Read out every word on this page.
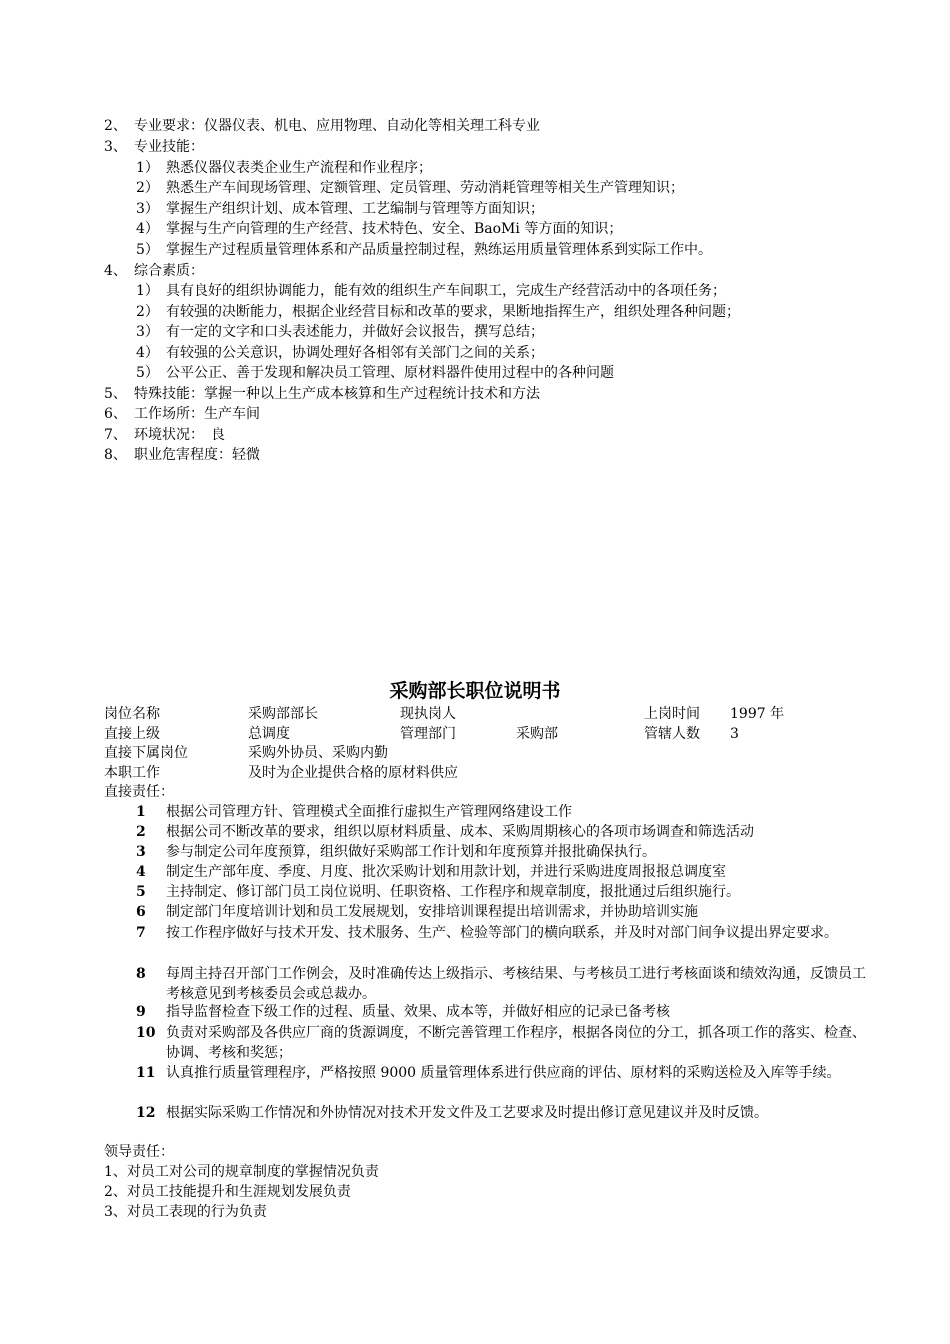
2、 专业要求：仪器仪表、机电、应用物理、自动化等相关理工科专业
3、 专业技能：
1） 熟悉仪器仪表类企业生产流程和作业程序；
2） 熟悉生产车间现场管理、定额管理、定员管理、劳动消耗管理等相关生产管理知识；
3） 掌握生产组织计划、成本管理、工艺编制与管理等方面知识；
4） 掌握与生产向管理的生产经营、技术特色、安全、BaoMi 等方面的知识；
5） 掌握生产过程质量管理体系和产品质量控制过程，熟练运用质量管理体系到实际工作中。
4、 综合素质：
1） 具有良好的组织协调能力，能有效的组织生产车间职工，完成生产经营活动中的各项任务；
2） 有较强的决断能力，根据企业经营目标和改革的要求，果断地指挥生产，组织处理各种问题；
3） 有一定的文字和口头表述能力，并做好会议报告，撰写总结；
4） 有较强的公关意识，协调处理好各相邻有关部门之间的关系；
5） 公平公正、善于发现和解决员工管理、原材料器件使用过程中的各种问题
5、 特殊技能：掌握一种以上生产成本核算和生产过程统计技术和方法
6、 工作场所：生产车间
7、 环境状况：　良
8、 职业危害程度：轻微
采购部长职位说明书
岗位名称	采购部部长	现执岗人	上岗时间 1997 年
直接上级	总调度	管理部门	采购部	管辖人数 3
直接下属岗位	采购外协员、采购内勤
本职工作	及时为企业提供合格的原材料供应
直接责任：
1	根据公司管理方针、管理模式全面推行虚拟生产管理网络建设工作
2	根据公司不断改革的要求，组织以原材料质量、成本、采购周期核心的各项市场调查和筛选活动
3	参与制定公司年度预算，组织做好采购部工作计划和年度预算并报批确保执行。
4	制定生产部年度、季度、月度、批次采购计划和用款计划，并进行采购进度周报报总调度室
5	主持制定、修订部门员工岗位说明、任职资格、工作程序和规章制度，报批通过后组织施行。
6	制定部门年度培训计划和员工发展规划，安排培训课程提出培训需求，并协助培训实施
7	按工作程序做好与技术开发、技术服务、生产、检验等部门的横向联系，并及时对部门间争议提出界定要求。
8	每周主持召开部门工作例会，及时准确传达上级指示、考核结果、与考核员工进行考核面谈和绩效沟通，反馈员工考核意见到考核委员会或总裁办。
9	指导监督检查下级工作的过程、质量、效果、成本等，并做好相应的记录已备考核
10 负责对采购部及各供应厂商的货源调度，不断完善管理工作程序，根据各岗位的分工，抓各项工作的落实、检查、协调、考核和奖惩；
11 认真推行质量管理程序，严格按照 9000 质量管理体系进行供应商的评估、原材料的采购送检及入库等手续。
12 根据实际采购工作情况和外协情况对技术开发文件及工艺要求及时提出修订意见建议并及时反馈。
领导责任：
1、对员工对公司的规章制度的掌握情况负责
2、对员工技能提升和生涯规划发展负责
3、对员工表现的行为负责
